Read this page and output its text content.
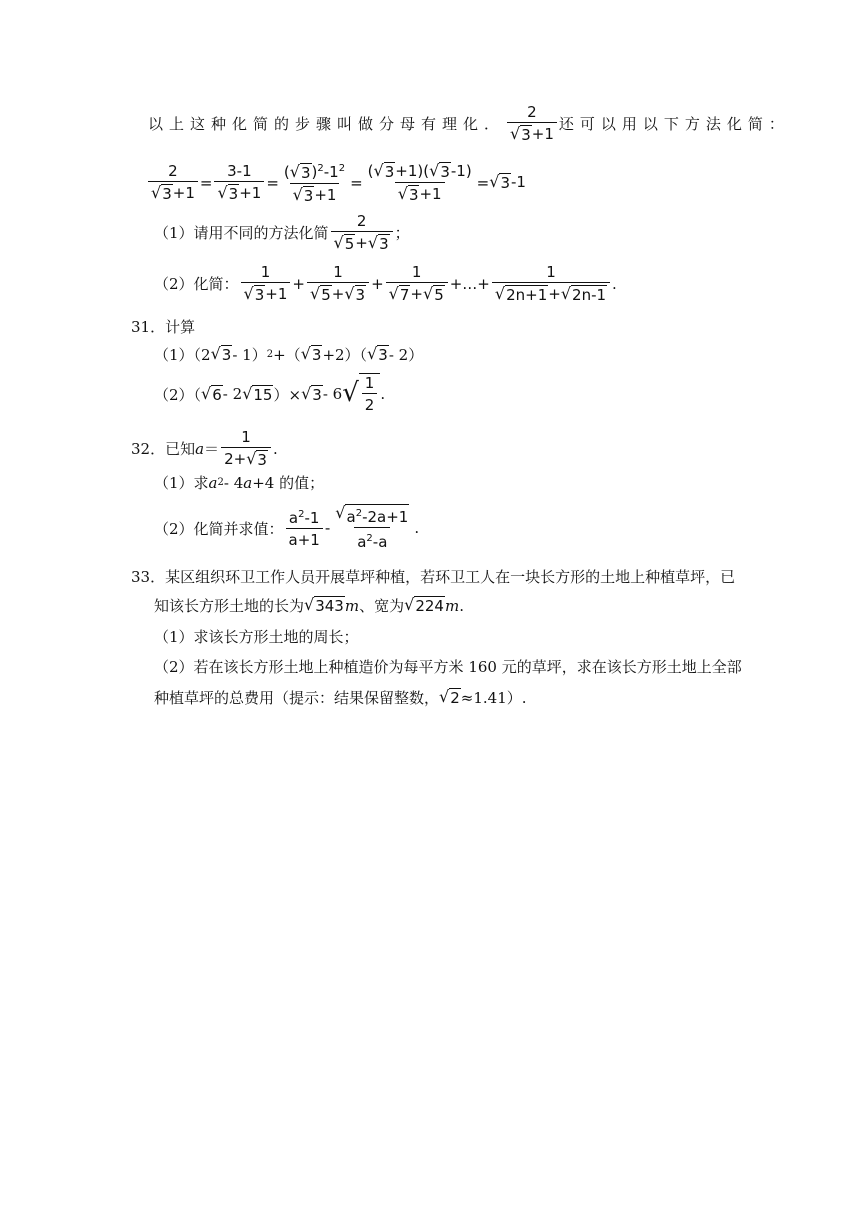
以上这种化简的步骤叫做分母有理化． $\frac{2}{√ 3 +1}$ 还可以用以下方法化简：
$\frac{2}{√ 3 +1} = \frac{3-1}{√ 3 +1} = \frac{( √ 3 )^2-1^2}{√ 3 +1} = \frac{( √ 3 +1)( √ 3 -1)}{√ 3 +1}$ = √ 3 -1
（1）请用不同的方法化简 $\frac{2}{√ 5 + √ 3}$ ；
（2）化简： $\frac{1}{√ 3 +1} + \frac{1}{√ 5 + √ 3} + \frac{1}{√ 7 + √ 5}$ +…+ $\frac{1}{√ 2n+1 + √ 2n-1}$ .
31．计算
（1）（2 √ 3 - 1） 2 +（ √ 3 +2）（ √ 3 - 2）
（2）（ √ 6 - 2 √ 15 ）× √ 3 - 6 √ $\frac{1}{2}$ .
32．已知 $a = \frac{1}{2+ √ 3}$ .
（1）求 a 2 - 4 a +4 的值；
（2）化简并求值： $\frac{a^2-1}{a+1} - \frac{√ a^2-2a+1}{a^2-a}$ .
33．某区组织环卫工作人员开展草坪种植，若环卫工人在一块长方形的土地上种植草坪，已
知该长方形土地的长为 √ 343 m 、宽为 √ 224 m .
（1）求该长方形土地的周长；
（2）若在该长方形土地上种植造价为每平方米 160 元的草坪，求在该长方形土地上全部
种植草坪的总费用（提示：结果保留整数， √ 2 ≈1.41）.
